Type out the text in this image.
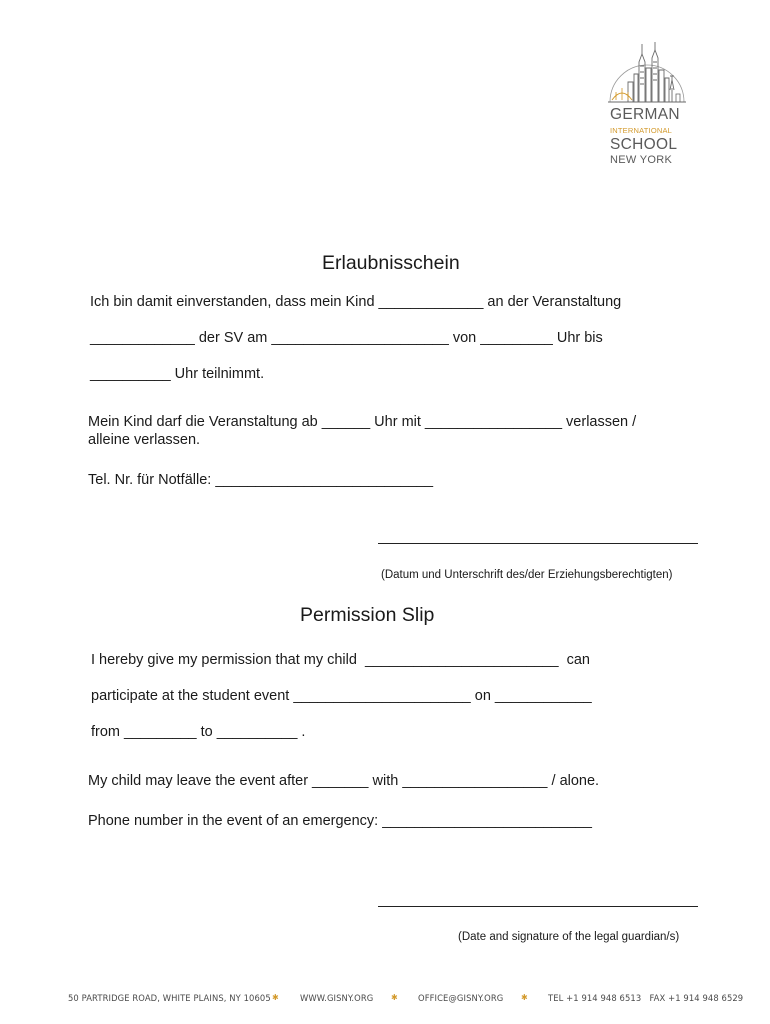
GERMAN
INTERNATIONAL
SCHOOL
NEW YORK
Erlaubnisschein
Ich bin damit einverstanden, dass mein Kind _____________ an der Veranstaltung
_____________ der SV am ______________________ von _________ Uhr bis
__________ Uhr teilnimmt.
Mein Kind darf die Veranstaltung ab ______ Uhr mit _________________ verlassen /
alleine verlassen.
Tel. Nr. für Notfälle: ___________________________
(Datum und Unterschrift des/der Erziehungsberechtigten)
Permission Slip
I hereby give my permission that my child  ________________________  can
participate at the student event ______________________ on ____________
from _________ to __________ .
My child may leave the event after _______ with __________________ / alone.
Phone number in the event of an emergency: __________________________
(Date and signature of the legal guardian/s)
50 PARTRIDGE ROAD, WHITE PLAINS, NY 10605 ✱	WWW.GISNY.ORG ✱ OFFICE@GISNY.ORG ✱ TEL +1 914 948 6513   FAX +1 914 948 6529
